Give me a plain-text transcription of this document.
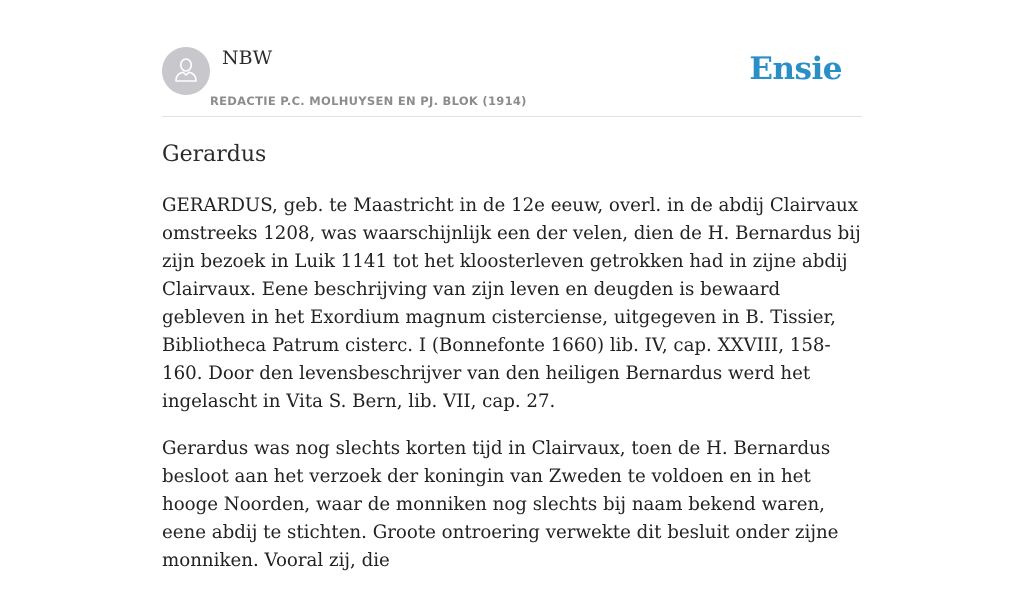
NBW
REDACTIE P.C. MOLHUYSEN EN PJ. BLOK (1914)
Ensie
Gerardus

GERARDUS, geb. te Maastricht in de 12e eeuw, overl. in de abdij Clairvaux omstreeks 1208, was waarschijnlijk een der velen, dien de H. Bernardus bij zijn bezoek in Luik 1141 tot het kloosterleven getrokken had in zijne abdij Clairvaux. Eene beschrijving van zijn leven en deugden is bewaard gebleven in het Exordium magnum cisterciense, uitgegeven in B. Tissier, Bibliotheca Patrum cisterc. I (Bonnefonte 1660) lib. IV, cap. XXVIII, 158-160. Door den levensbeschrijver van den heiligen Bernardus werd het ingelascht in Vita S. Bern, lib. VII, cap. 27.

Gerardus was nog slechts korten tijd in Clairvaux, toen de H. Bernardus besloot aan het verzoek der koningin van Zweden te voldoen en in het hooge Noorden, waar de monniken nog slechts bij naam bekend waren, eene abdij te stichten. Groote ontroering verwekte dit besluit onder zijne monniken. Vooral zij, die
